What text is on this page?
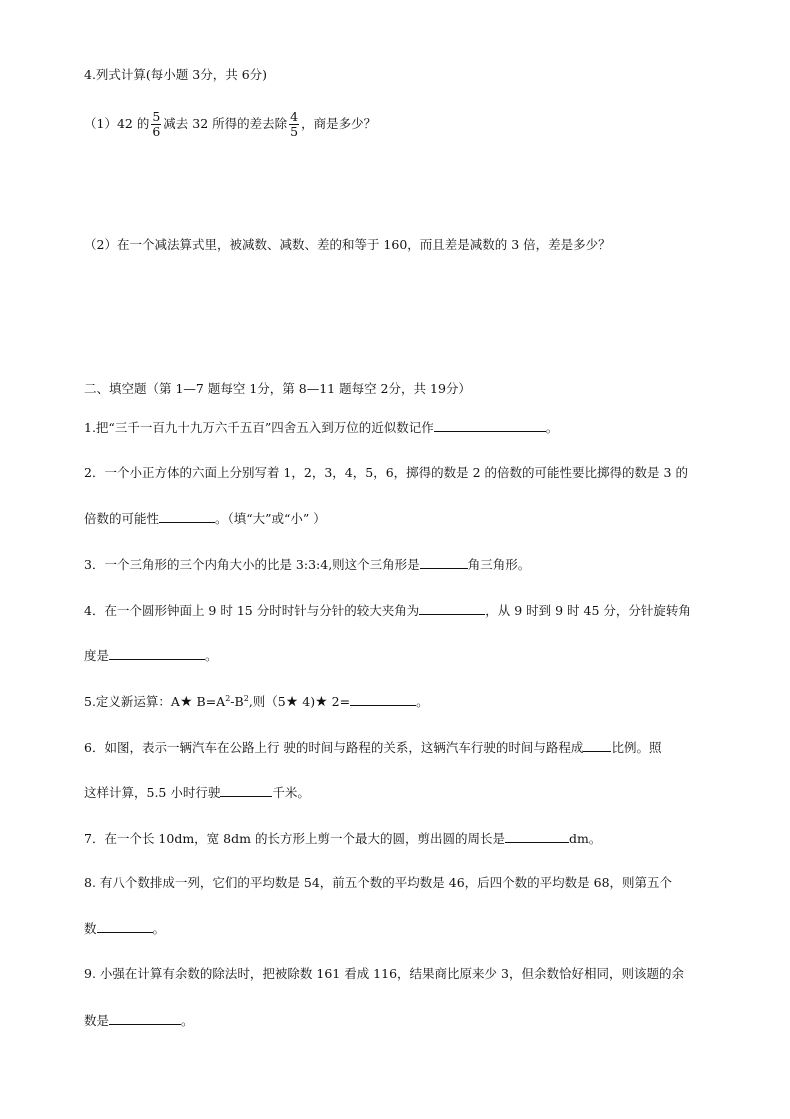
4.列式计算(每小题 3分，共 6分)
（1）42 的 $\frac{5}{6}$ 减去 32 所得的差去除 $\frac{4}{5}$ ，商是多少？
（2）在一个减法算式里，被减数、减数、差的和等于 160，而且差是减数的 3 倍，差是多少？
二、填空题（第 1—7 题每空 1分，第 8—11 题每空 2分，共 19分）
1.把“三千一百九十九万六千五百”四舍五入到万位的近似数记作	。
2．一个小正方体的六面上分别写着 1，2，3，4，5，6，掷得的数是 2 的倍数的可能性要比掷得的数是 3 的
倍数的可能性	。（填“大”或“小” ）
3．一个三角形的三个内角大小的比是 3:3:4,则这个三角形是	角三角形。
4．在一个圆形钟面上 9 时 15 分时时针与分针的较大夹角为	，从 9 时到 9 时 45 分，分针旋转角
度是	。
5.定义新运算：A★ $B=A^2-B^2$,则（5★ 4)★ 2=	。
6．如图，表示一辆汽车在公路上行 驶的时间与路程的关系，这辆汽车行驶的时间与路程成 比例。照
这样计算，5.5 小时行驶	千米。
7．在一个长 10dm，宽 8dm 的长方形上剪一个最大的圆，剪出圆的周长是	dm。
8. 有八个数排成一列，它们的平均数是 54，前五个数的平均数是 46，后四个数的平均数是 68，则第五个
数	。
9. 小强在计算有余数的除法时，把被除数 161 看成 116，结果商比原来少 3，但余数恰好相同，则该题的余
数是	。
